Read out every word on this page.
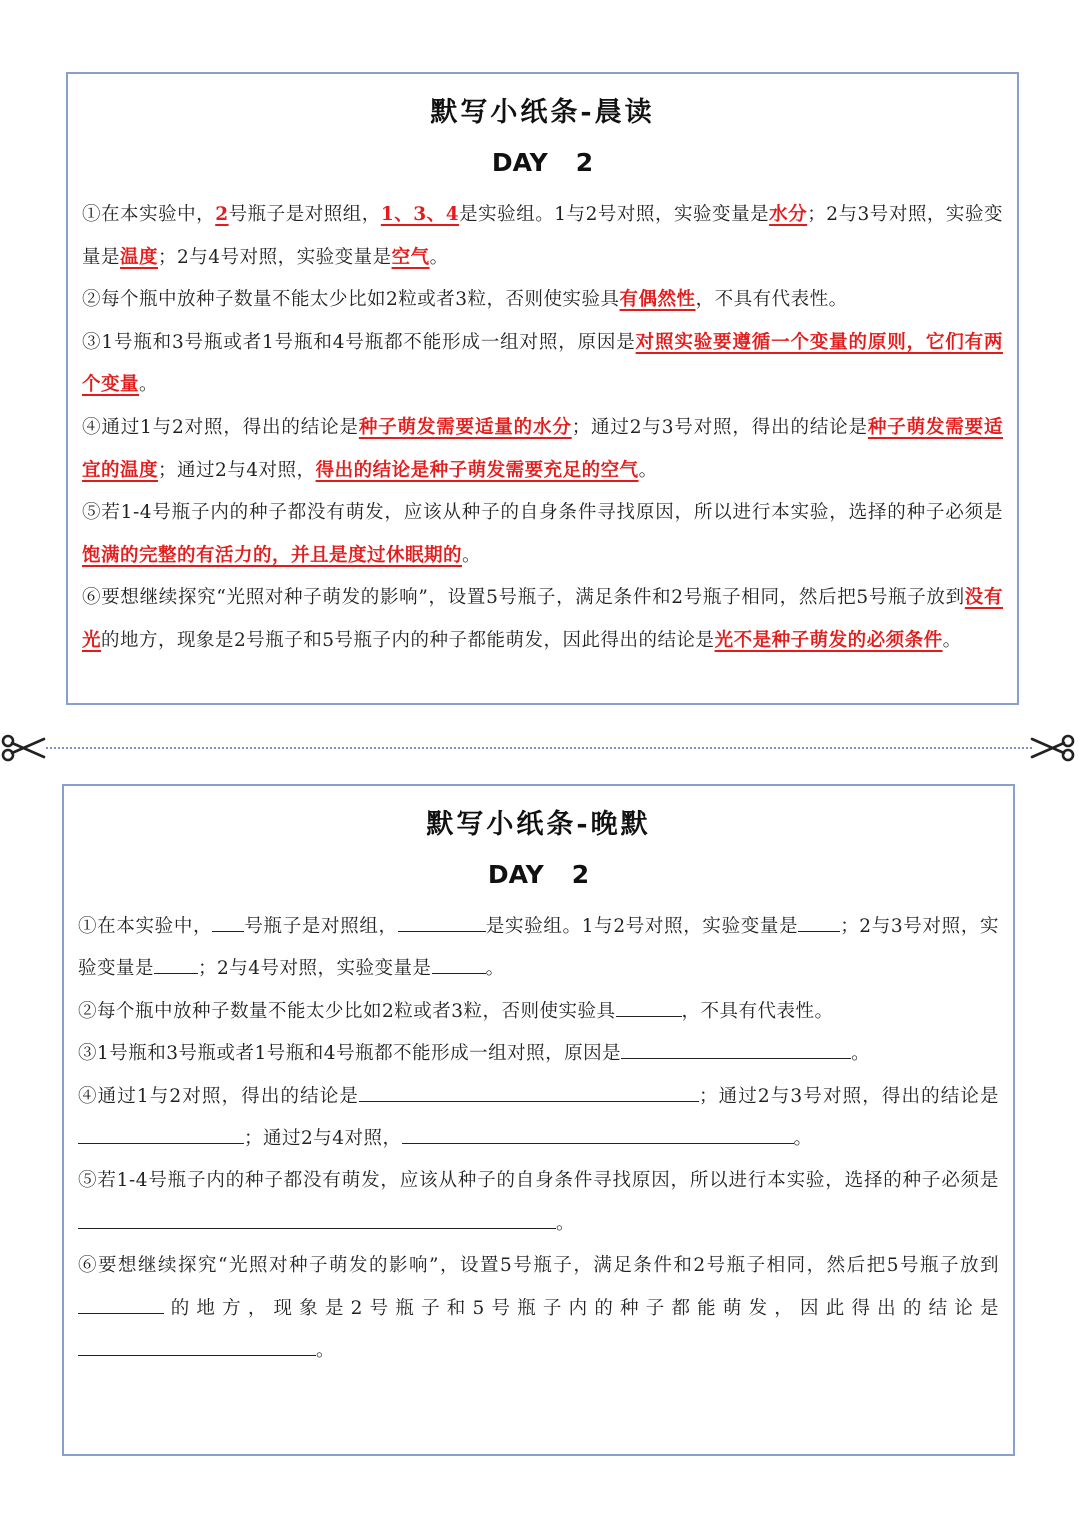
默写小纸条-晨读
DAY 2

①在本实验中，2号瓶子是对照组，1、3、4是实验组。1与2号对照，实验变量是水分；2与3号对照，实验变量是温度；2与4号对照，实验变量是空气。

②每个瓶中放种子数量不能太少比如2粒或者3粒，否则使实验具有偶然性，不具有代表性。

③1号瓶和3号瓶或者1号瓶和4号瓶都不能形成一组对照，原因是对照实验要遵循一个变量的原则，它们有两个变量。

④通过1与2对照，得出的结论是种子萌发需要适量的水分；通过2与3号对照，得出的结论是种子萌发需要适宜的温度；通过2与4对照，得出的结论是种子萌发需要充足的空气。

⑤若1-4号瓶子内的种子都没有萌发，应该从种子的自身条件寻找原因，所以进行本实验，选择的种子必须是饱满的完整的有活力的，并且是度过休眠期的。

⑥要想继续探究“光照对种子萌发的影响”，设置5号瓶子，满足条件和2号瓶子相同，然后把5号瓶子放到没有光的地方，现象是2号瓶子和5号瓶子内的种子都能萌发，因此得出的结论是光不是种子萌发的必须条件。

默写小纸条-晚默
DAY 2

①在本实验中， 号瓶子是对照组，	是实验组。1与2号对照，实验变量是 ；2与3号对照，实验变量是 ；2与4号对照，实验变量是	。

②每个瓶中放种子数量不能太少比如2粒或者3粒，否则使实验具	，不具有代表性。

③1号瓶和3号瓶或者1号瓶和4号瓶都不能形成一组对照，原因是	。

④通过1与2对照，得出的结论是	；通过2与3号对照，得出的结论是；通过2与4对照，	。

⑤若1-4号瓶子内的种子都没有萌发，应该从种子的自身条件寻找原因，所以进行本实验，选择的种子必须是。

⑥要想继续探究“光照对种子萌发的影响”，设置5号瓶子，满足条件和2号瓶子相同，然后把5号瓶子放到的地方，现象是2号瓶子和5号瓶子内的种子都能萌发，因此得出的结论是。
